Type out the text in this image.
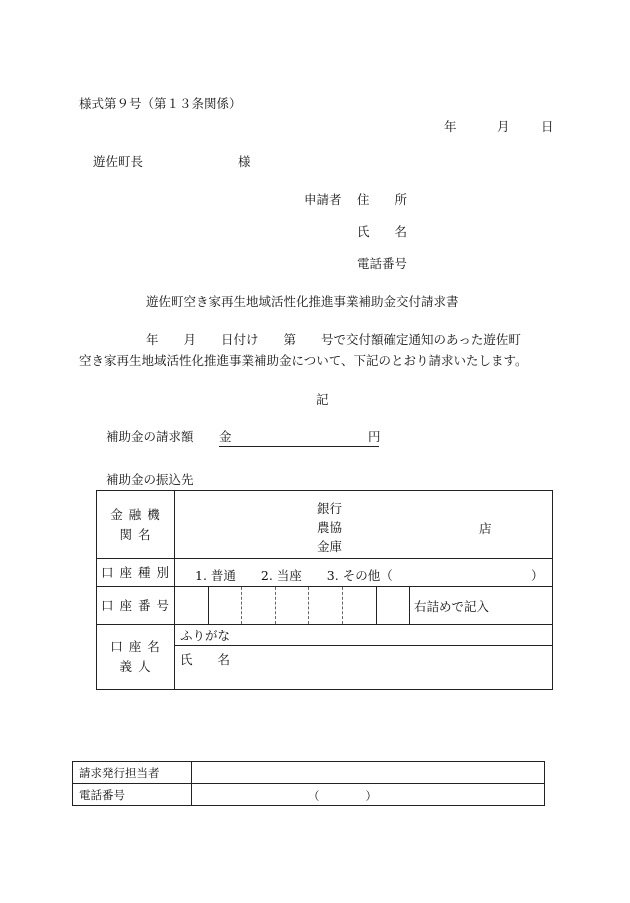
様式第９号（第１３条関係）
年	月	日
遊佐町長	様
申請者 住　　所
氏　　名
電話番号
遊佐町空き家再生地域活性化推進事業補助金交付請求書
年　　月　　日付け　　第　　号で交付額確定通知のあった遊佐町
空き家再生地域活性化推進事業補助金について、下記のとおり請求いたします。
記
補助金の請求額 金	円
補助金の振込先
金 融 機 関 名	銀行
農協
金庫
店							

口 座 種 別	1. 普通　　2. 当座　　3. その他（ ）							

口 座 番 号								右詰めで記入

口 座 名 義 人	ふりがな							
	氏　　名							
請求発行担当者	
電話番号	（　　　　）
